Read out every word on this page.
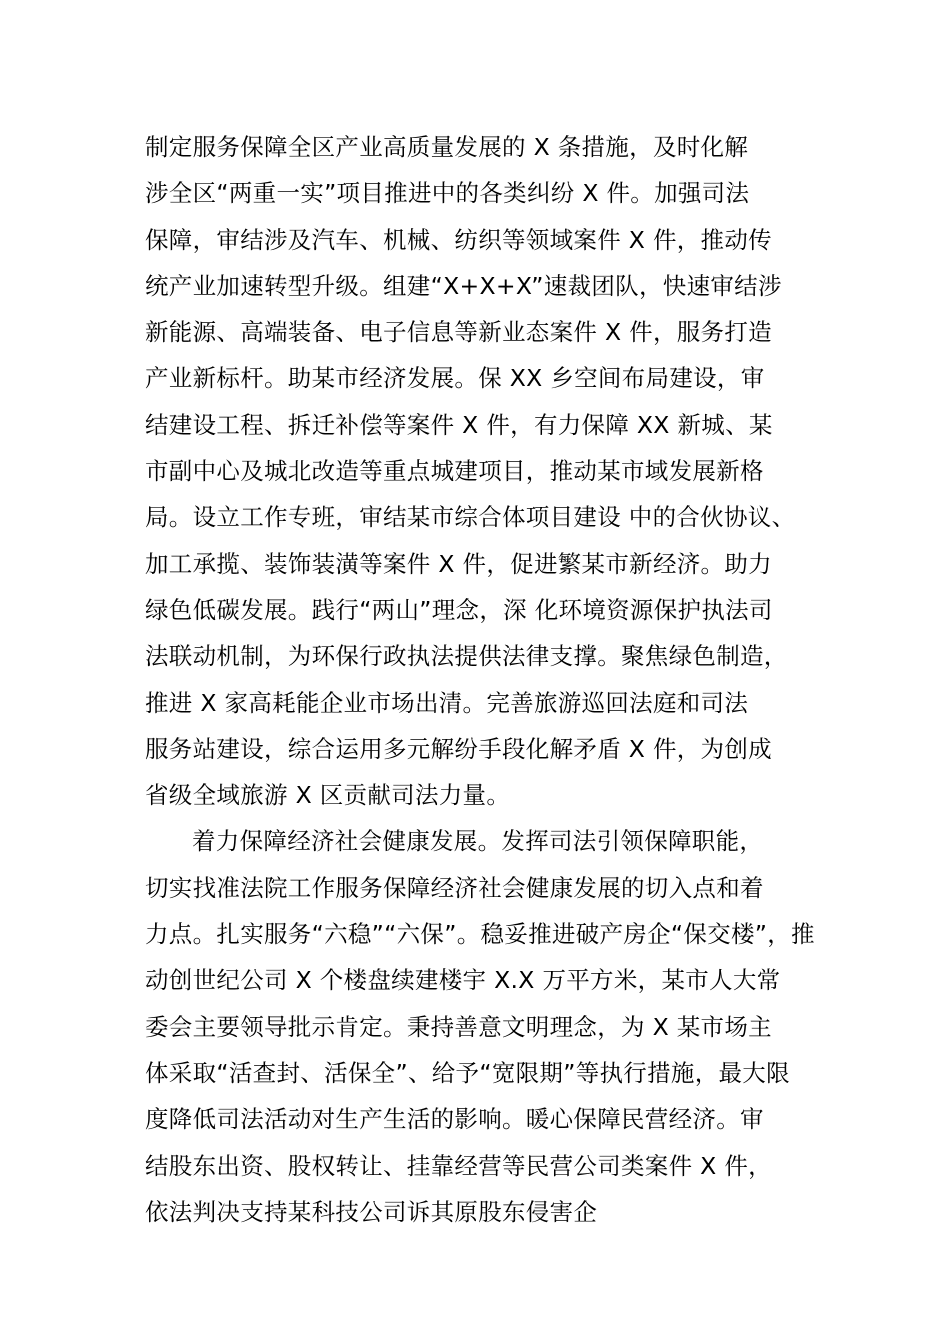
制定服务保障全区产业高质量发展的 X 条措施，及时化解
涉全区“两重一实”项目推进中的各类纠纷 X 件。加强司法
保障，审结涉及汽车、机械、纺织等领域案件 X 件，推动传
统产业加速转型升级。组建“X+X+X”速裁团队，快速审结涉
新能源、高端装备、电子信息等新业态案件 X 件，服务打造
产业新标杆。助某市经济发展。保 XX 乡空间布局建设，审
结建设工程、拆迁补偿等案件 X 件，有力保障 XX 新城、某
市副中心及城北改造等重点城建项目，推动某市域发展新格
局。设立工作专班，审结某市综合体项目建设 中的合伙协议、
加工承揽、装饰装潢等案件 X 件，促进繁某市新经济。助力
绿色低碳发展。践行“两山”理念，深 化环境资源保护执法司
法联动机制，为环保行政执法提供法律支撑。聚焦绿色制造，
推进 X 家高耗能企业市场出清。完善旅游巡回法庭和司法
服务站建设，综合运用多元解纷手段化解矛盾 X 件，为创成
省级全域旅游 X 区贡献司法力量。
着力保障经济社会健康发展。发挥司法引领保障职能，
切实找准法院工作服务保障经济社会健康发展的切入点和着
力点。扎实服务“六稳”“六保”。稳妥推进破产房企“保交楼”，推
动创世纪公司 X 个楼盘续建楼宇 X.X 万平方米，某市人大常
委会主要领导批示肯定。秉持善意文明理念，为 X 某市场主
体采取“活查封、活保全”、给予“宽限期”等执行措施，最大限
度降低司法活动对生产生活的影响。暖心保障民营经济。审
结股东出资、股权转让、挂靠经营等民营公司类案件 X 件，
依法判决支持某科技公司诉其原股东侵害企
